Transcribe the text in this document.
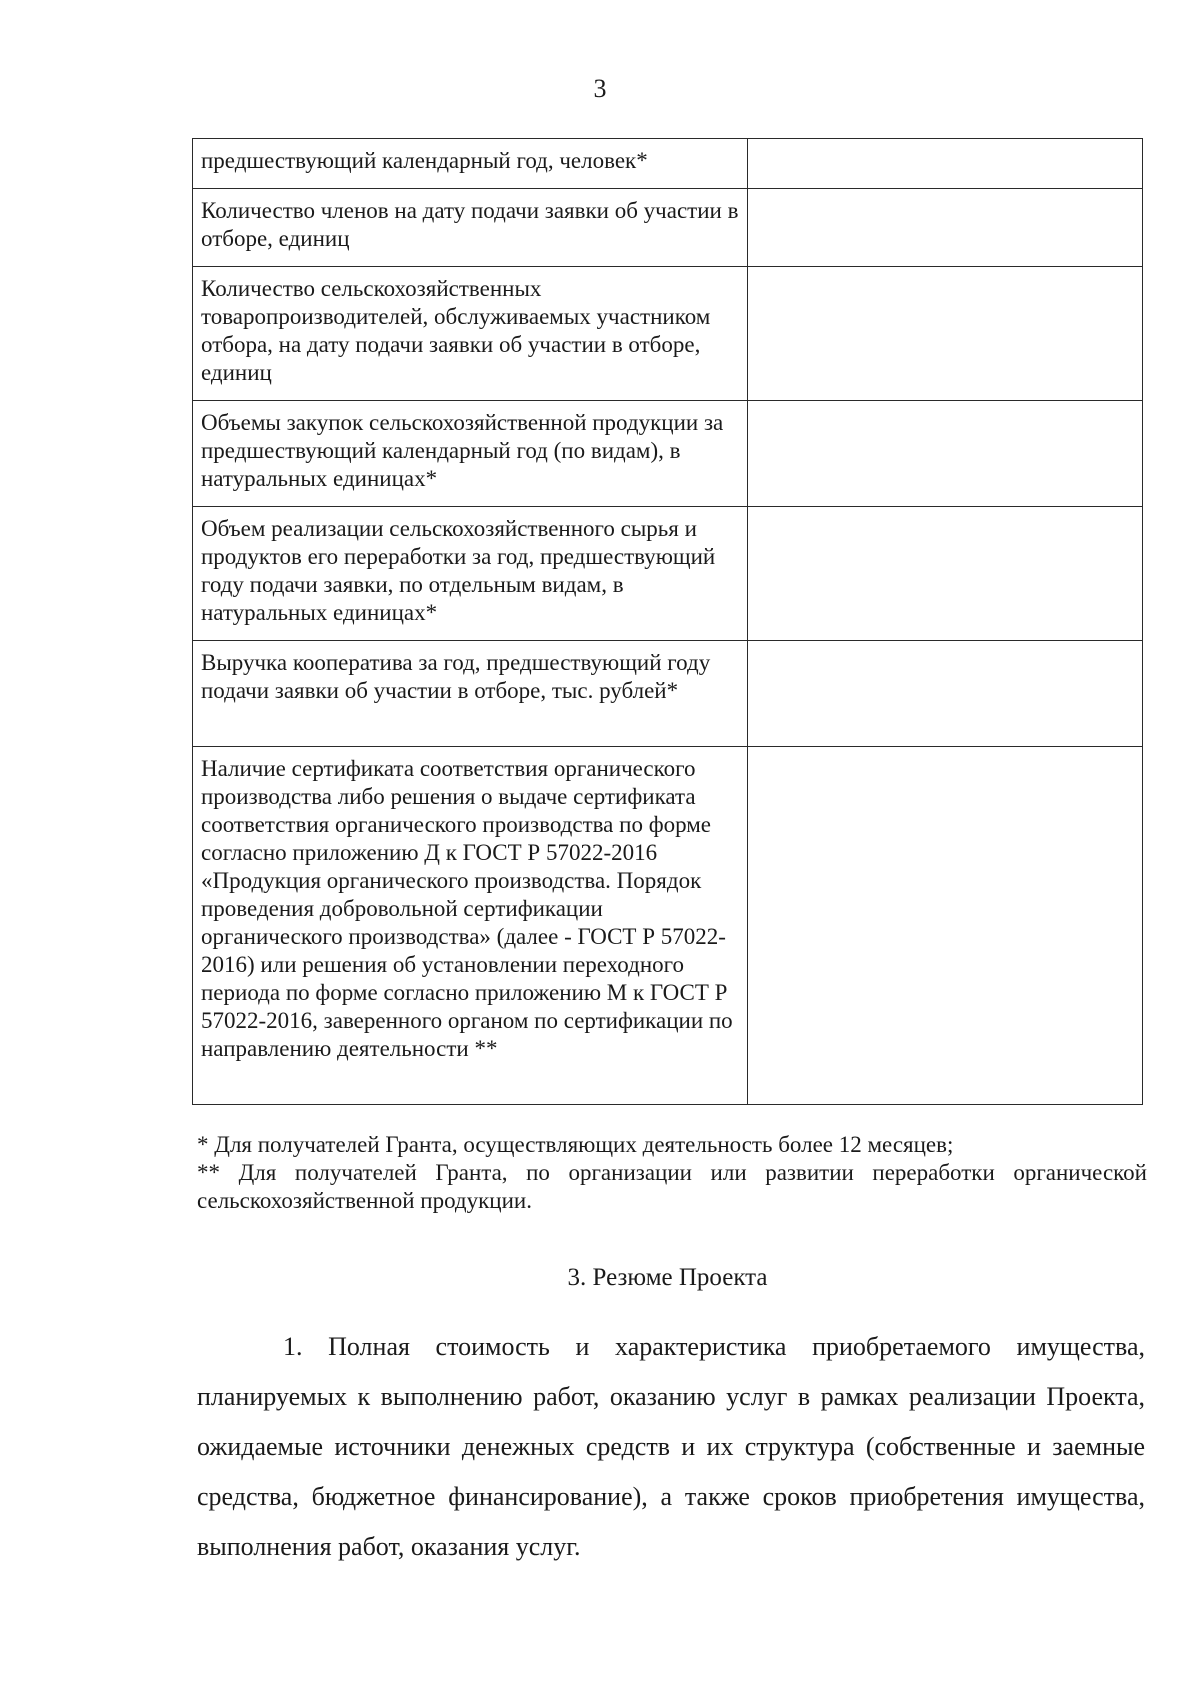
3
предшествующий календарный год, человек*	
Количество членов на дату подачи заявки об участии в отборе, единиц	
Количество сельскохозяйственных товаропроизводителей, обслуживаемых участником отбора, на дату подачи заявки об участии в отборе, единиц	
Объемы закупок сельскохозяйственной продукции за предшествующий календарный год (по видам), в натуральных единицах*	
Объем реализации сельскохозяйственного сырья и продуктов его переработки за год, предшествующий году подачи заявки, по отдельным видам, в натуральных единицах*	
Выручка кооператива за год, предшествующий году подачи заявки об участии в отборе, тыс. рублей*	
Наличие сертификата соответствия органического производства либо решения о выдаче сертификата соответствия органического производства по форме согласно приложению Д к ГОСТ Р 57022-2016 «Продукция органического производства. Порядок проведения добровольной сертификации органического производства» (далее - ГОСТ Р 57022-2016) или решения об установлении переходного периода по форме согласно приложению М к ГОСТ Р 57022-2016, заверенного органом по сертификации по направлению деятельности **	

* Для получателей Гранта, осуществляющих деятельность более 12 месяцев;

** Для получателей Гранта, по организации или развитии переработки органической сельскохозяйственной продукции.

3. Резюме Проекта

1. Полная стоимость и характеристика приобретаемого имущества, планируемых к выполнению работ, оказанию услуг в рамках реализации Проекта, ожидаемые источники денежных средств и их структура (собственные и заемные средства, бюджетное финансирование), а также сроков приобретения имущества, выполнения работ, оказания услуг.
